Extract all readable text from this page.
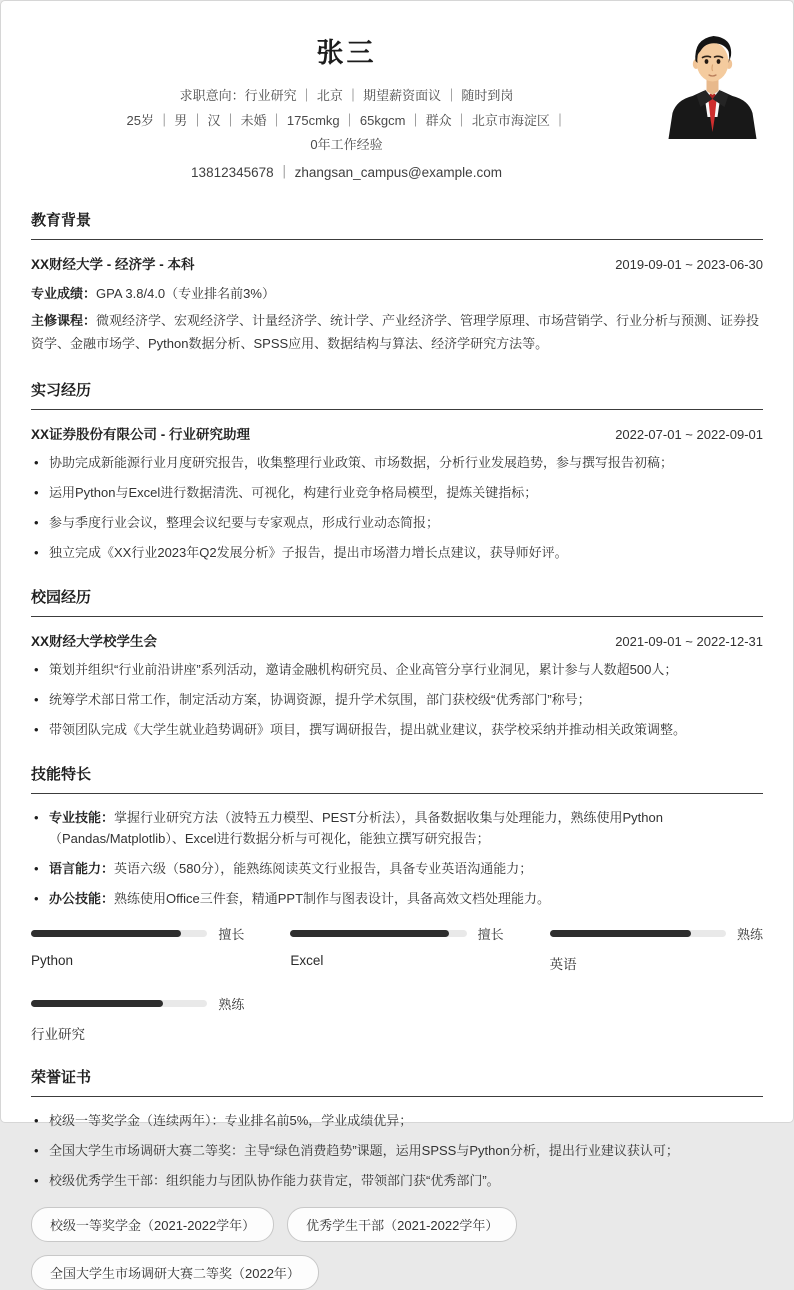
张三
求职意向：行业研究 ｜ 北京 ｜ 期望薪资面议 ｜ 随时到岗
25岁 ｜ 男 ｜ 汉 ｜ 未婚 ｜ 175cmkg ｜ 65kgcm ｜ 群众 ｜ 北京市海淀区 ｜
0年工作经验
13812345678 ｜ zhangsan_campus@example.com
教育背景
XX财经大学 - 经济学 - 本科	2019-09-01 ~ 2023-06-30
专业成绩：GPA 3.8/4.0（专业排名前3%）
主修课程：微观经济学、宏观经济学、计量经济学、统计学、产业经济学、管理学原理、市场营销学、行业分析与预测、证券投资学、金融市场学、Python数据分析、SPSS应用、数据结构与算法、经济学研究方法等。
实习经历
XX证券股份有限公司 - 行业研究助理	2022-07-01 ~ 2022-09-01
• 协助完成新能源行业月度研究报告，收集整理行业政策、市场数据，分析行业发展趋势，参与撰写报告初稿；
• 运用Python与Excel进行数据清洗、可视化，构建行业竞争格局模型，提炼关键指标；
• 参与季度行业会议，整理会议纪要与专家观点，形成行业动态简报；
• 独立完成《XX行业2023年Q2发展分析》子报告，提出市场潜力增长点建议，获导师好评。
校园经历
XX财经大学校学生会	2021-09-01 ~ 2022-12-31
• 策划并组织“行业前沿讲座”系列活动，邀请金融机构研究员、企业高管分享行业洞见，累计参与人数超500人；
• 统筹学术部日常工作，制定活动方案，协调资源，提升学术氛围，部门获校级“优秀部门”称号；
• 带领团队完成《大学生就业趋势调研》项目，撰写调研报告，提出就业建议，获学校采纳并推动相关政策调整。
技能特长
• 专业技能：掌握行业研究方法（波特五力模型、PEST分析法），具备数据收集与处理能力，熟练使用Python（Pandas/Matplotlib）、Excel进行数据分析与可视化，能独立撰写研究报告；
• 语言能力：英语六级（580分），能熟练阅读英文行业报告，具备专业英语沟通能力；
• 办公技能：熟练使用Office三件套，精通PPT制作与图表设计，具备高效文档处理能力。
擅长
Python
擅长
Excel
熟练
英语
熟练
行业研究
荣誉证书
• 校级一等奖学金（连续两年）：专业排名前5%，学业成绩优异；
• 全国大学生市场调研大赛二等奖：主导“绿色消费趋势”课题，运用SPSS与Python分析，提出行业建议获认可；
• 校级优秀学生干部：组织能力与团队协作能力获肯定，带领部门获“优秀部门”。
校级一等奖学金（2021-2022学年）	优秀学生干部（2021-2022学年）
全国大学生市场调研大赛二等奖（2022年）
